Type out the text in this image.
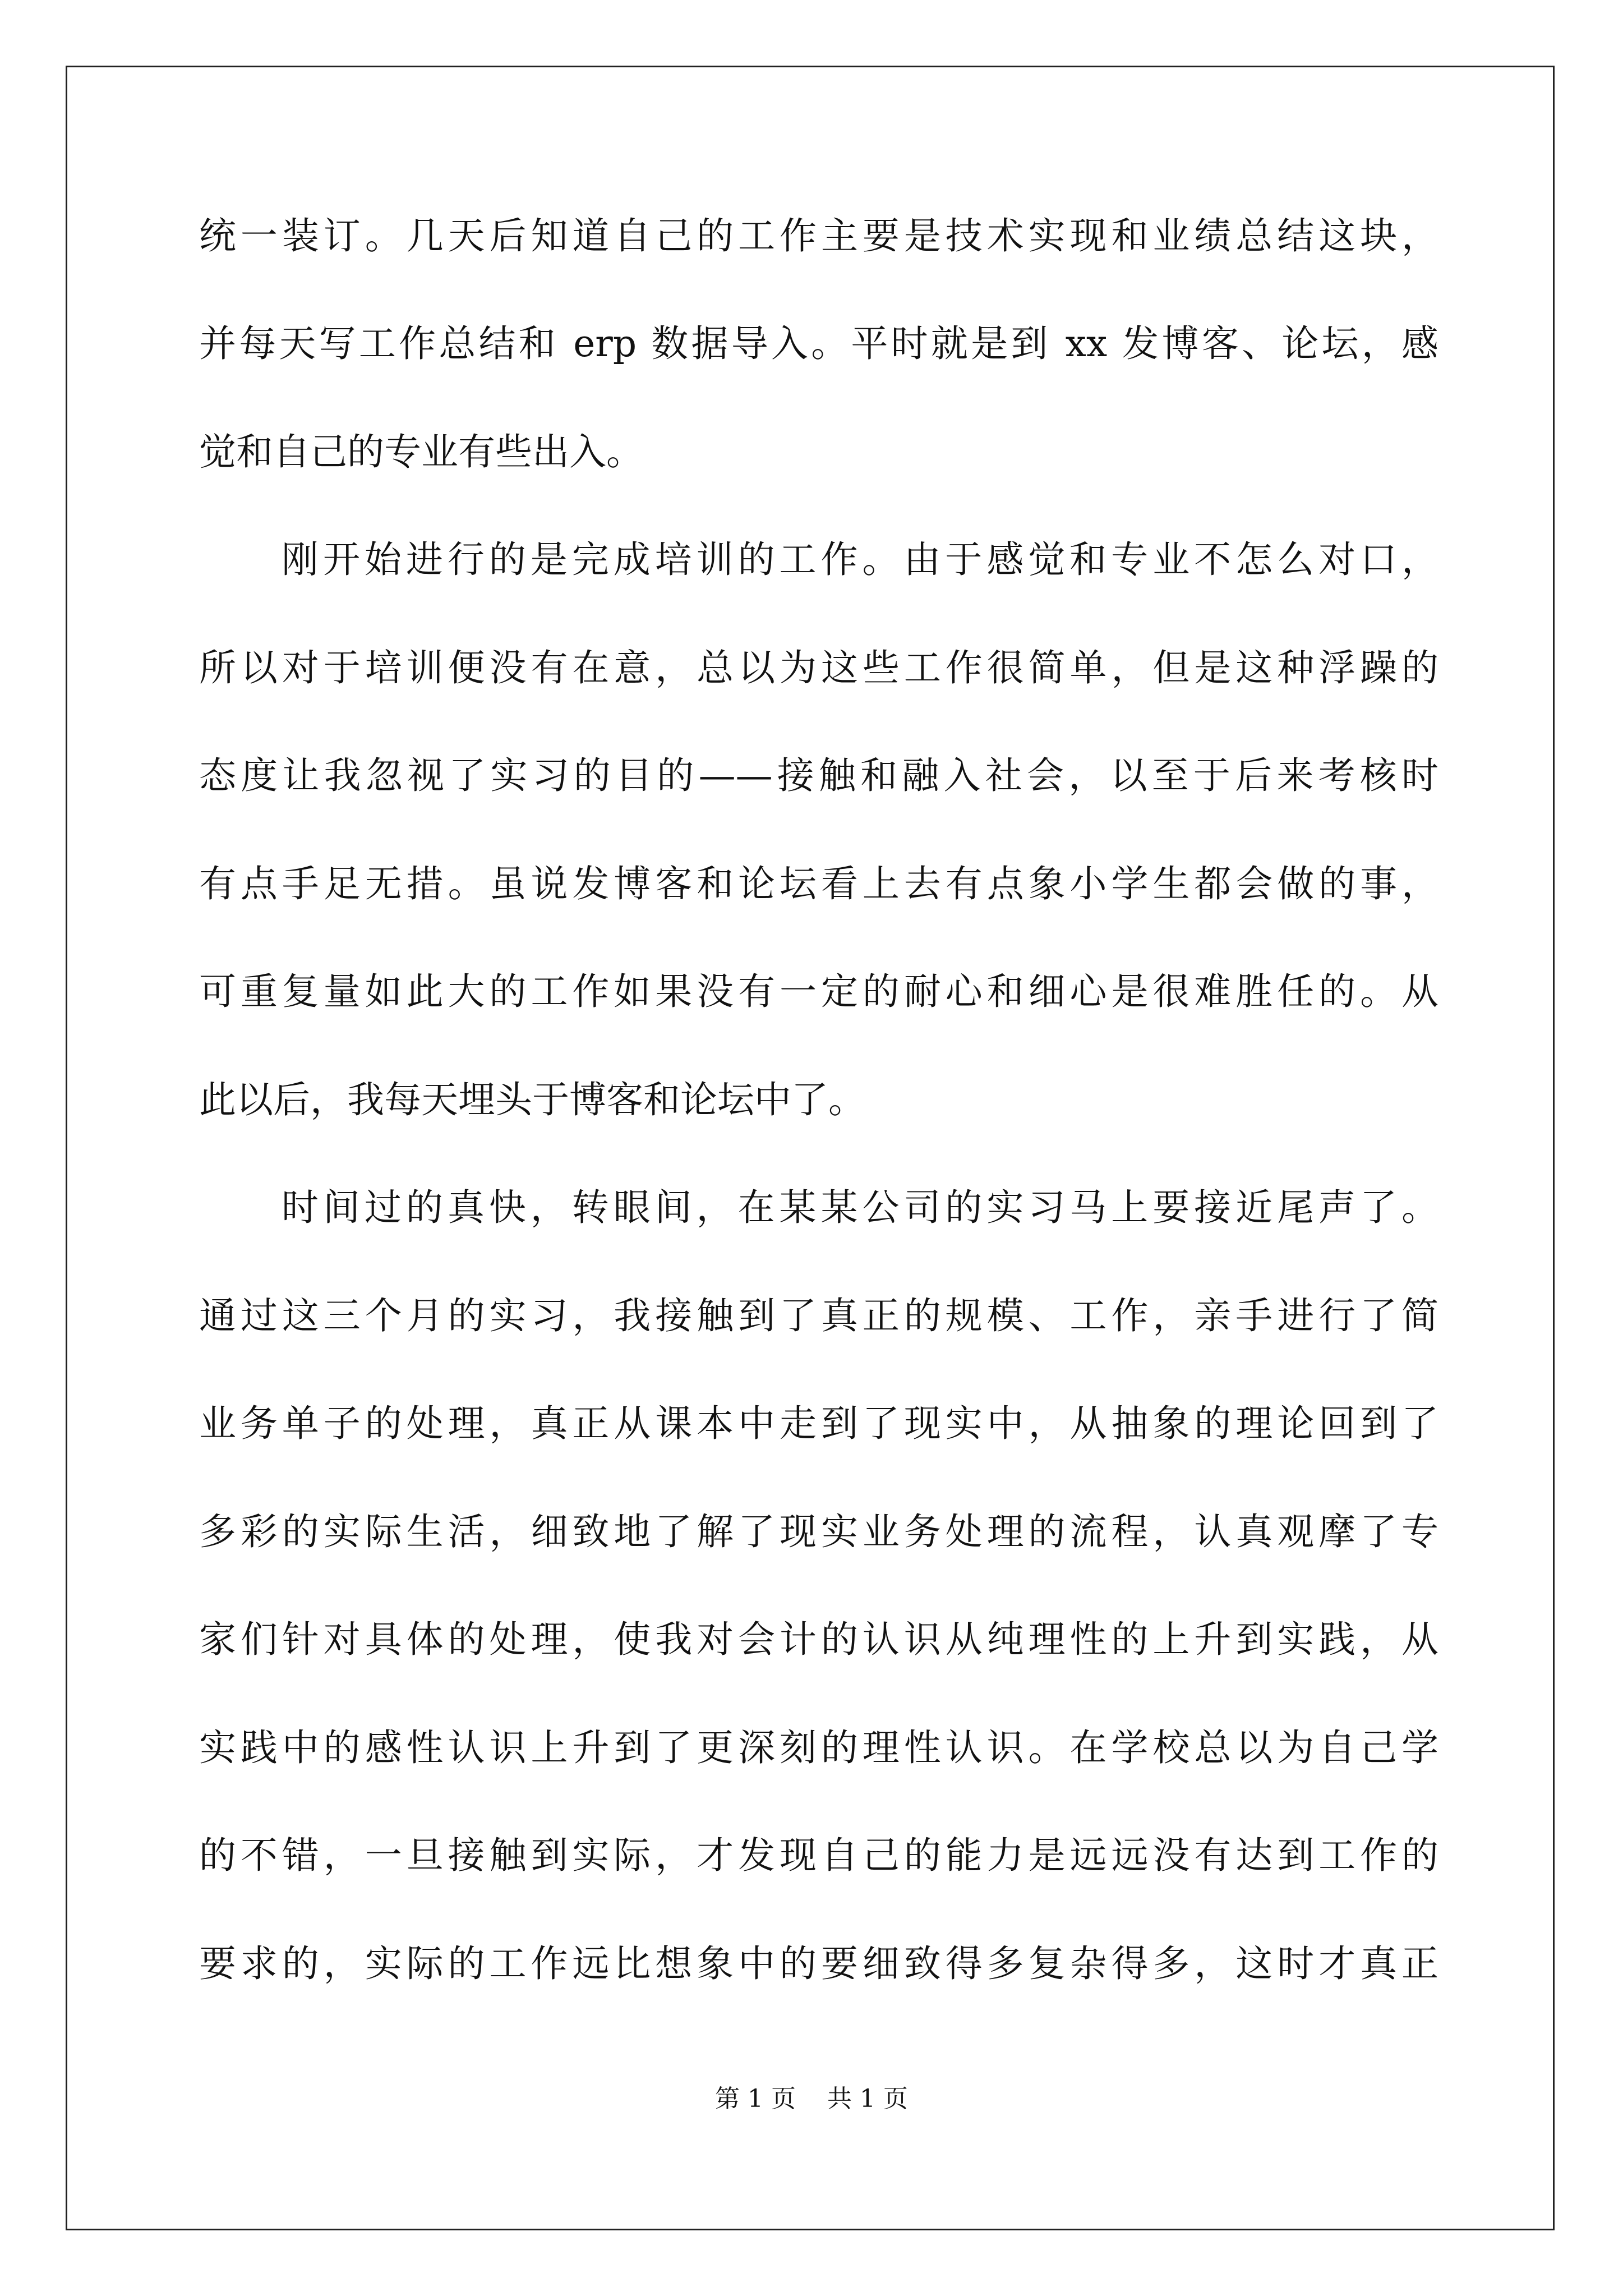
统一装订。几天后知道自己的工作主要是技术实现和业绩总结这块，
并每天写工作总结和 erp 数据导入。平时就是到 xx 发博客、论坛，感
觉和自己的专业有些出入。
刚开始进行的是完成培训的工作。由于感觉和专业不怎么对口，
所以对于培训便没有在意，总以为这些工作很简单，但是这种浮躁的
态度让我忽视了实习的目的——接触和融入社会，以至于后来考核时
有点手足无措。虽说发博客和论坛看上去有点象小学生都会做的事，
可重复量如此大的工作如果没有一定的耐心和细心是很难胜任的。从
此以后，我每天埋头于博客和论坛中了。
时间过的真快，转眼间，在某某公司的实习马上要接近尾声了。
通过这三个月的实习，我接触到了真正的规模、工作，亲手进行了简
业务单子的处理，真正从课本中走到了现实中，从抽象的理论回到了
多彩的实际生活，细致地了解了现实业务处理的流程，认真观摩了专
家们针对具体的处理，使我对会计的认识从纯理性的上升到实践，从
实践中的感性认识上升到了更深刻的理性认识。在学校总以为自己学
的不错，一旦接触到实际，才发现自己的能力是远远没有达到工作的
要求的，实际的工作远比想象中的要细致得多复杂得多，这时才真正
第 1 页 共 1 页
